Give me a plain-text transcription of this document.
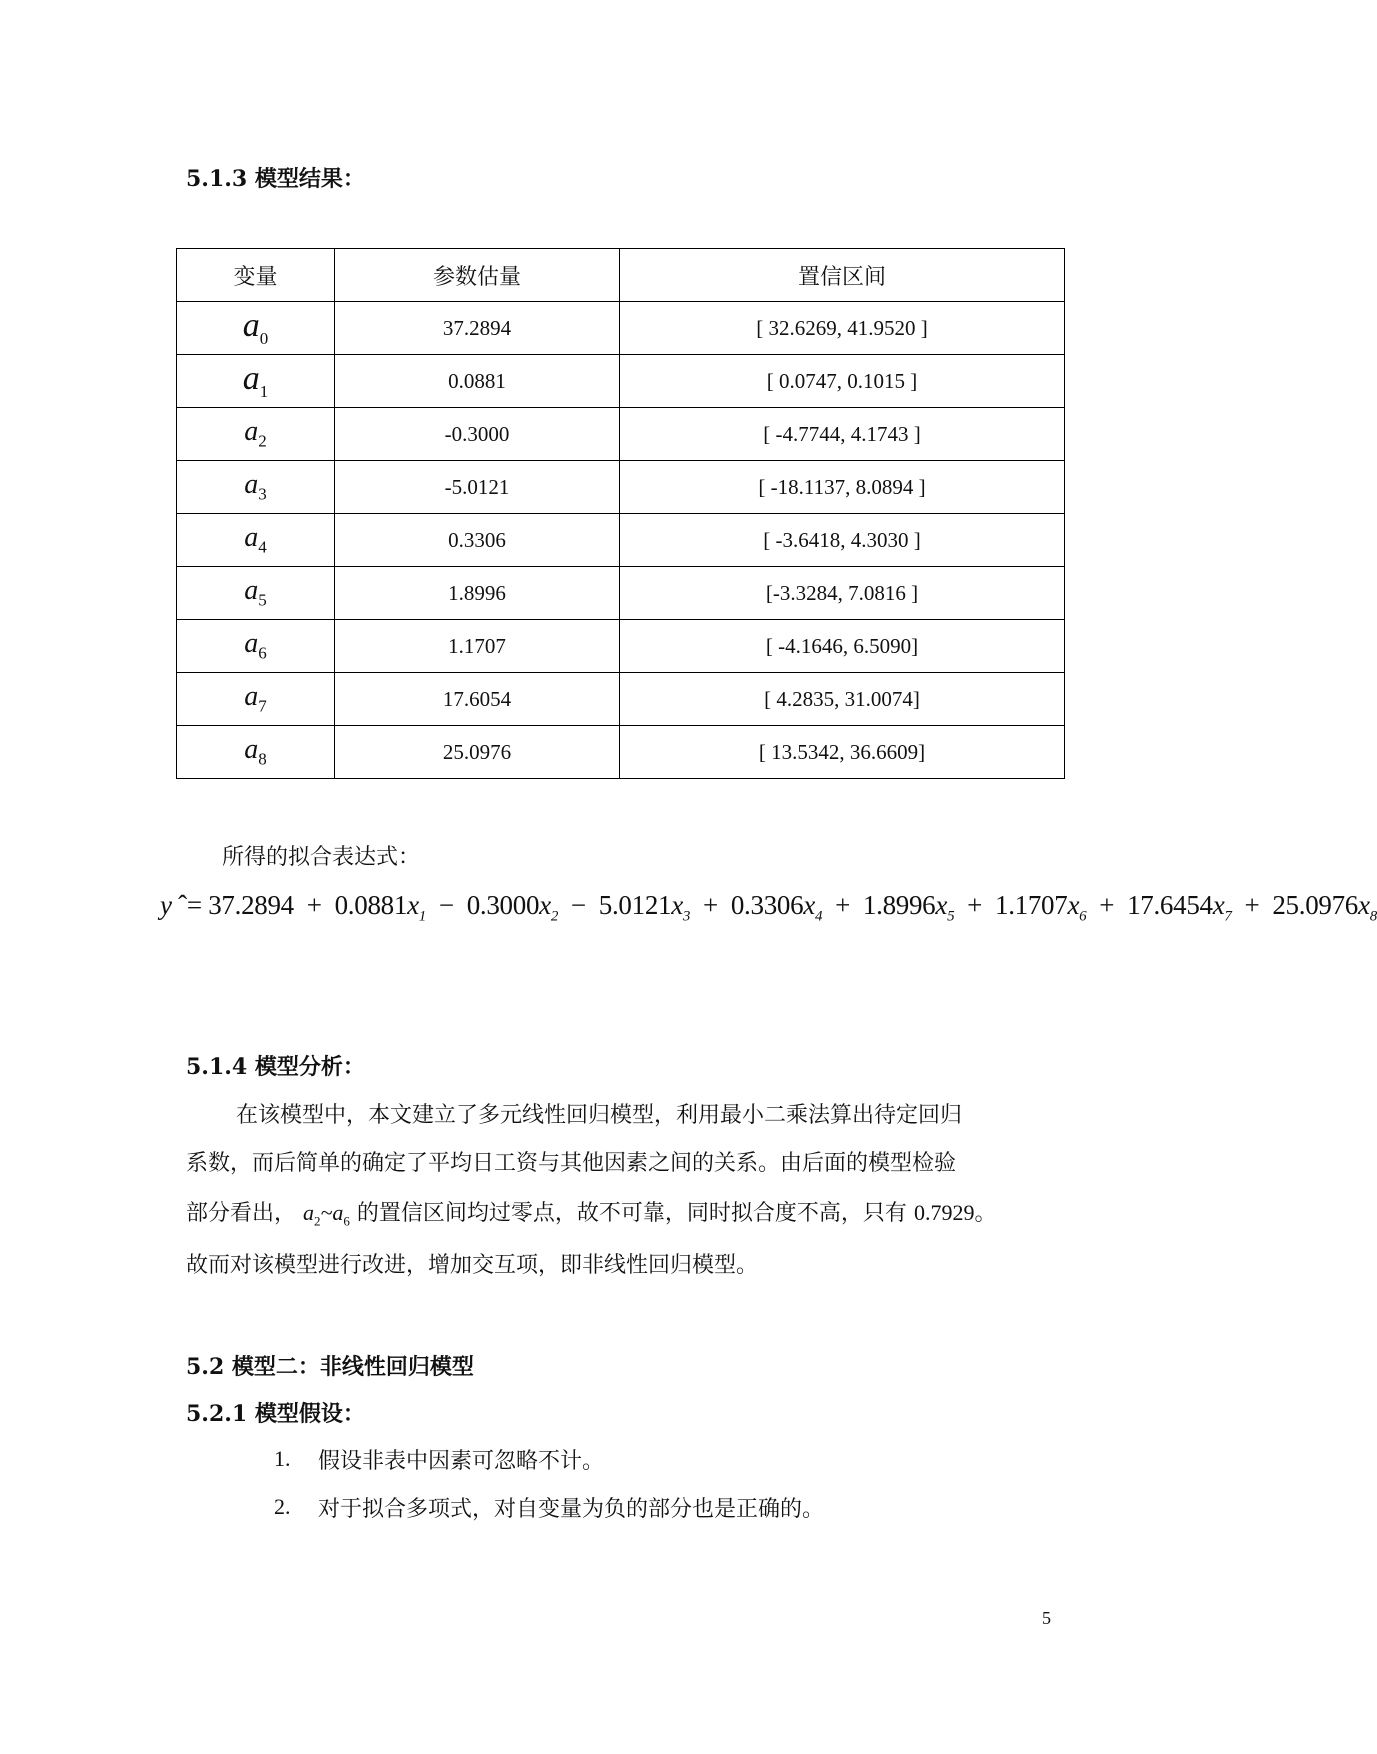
5.1.3 模型结果：
变量	参数估量	置信区间
$a_0$	37.2894	[ 32.6269, 41.9520 ]
$a_1$	0.0881	[ 0.0747, 0.1015 ]
$a_2$	-0.3000	[ -4.7744, 4.1743 ]
$a_3$	-5.0121	[ -18.1137, 8.0894 ]
$a_4$	0.3306	[ -3.6418, 4.3030 ]
$a_5$	1.8996	[-3.3284, 7.0816 ]
$a_6$	1.1707	[ -4.1646, 6.5090]
$a_7$	17.6054	[ 4.2835, 31.0074]
$a_8$	25.0976	[ 13.5342, 36.6609]
所得的拟合表达式：
y ˆ= $37.2894 + 0.0881x_1 - 0.3000x_2 - 5.0121x_3 + 0.3306x_4 + 1.8996x_5 + 1.1707x_6 + 17.6454x_7 + 25.0976x_8$
5.1.4 模型分析：
在该模型中，本文建立了多元线性回归模型，利用最小二乘法算出待定回归
系数，而后简单的确定了平均日工资与其他因素之间的关系。由后面的模型检验
部分看出， $a_2\sim a_6$ 的置信区间均过零点，故不可靠，同时拟合度不高，只有 0.7929。
故而对该模型进行改进，增加交互项，即非线性回归模型。
5.2 模型二：非线性回归模型
5.2.1 模型假设：
1. 假设非表中因素可忽略不计。
2. 对于拟合多项式，对自变量为负的部分也是正确的。
5
